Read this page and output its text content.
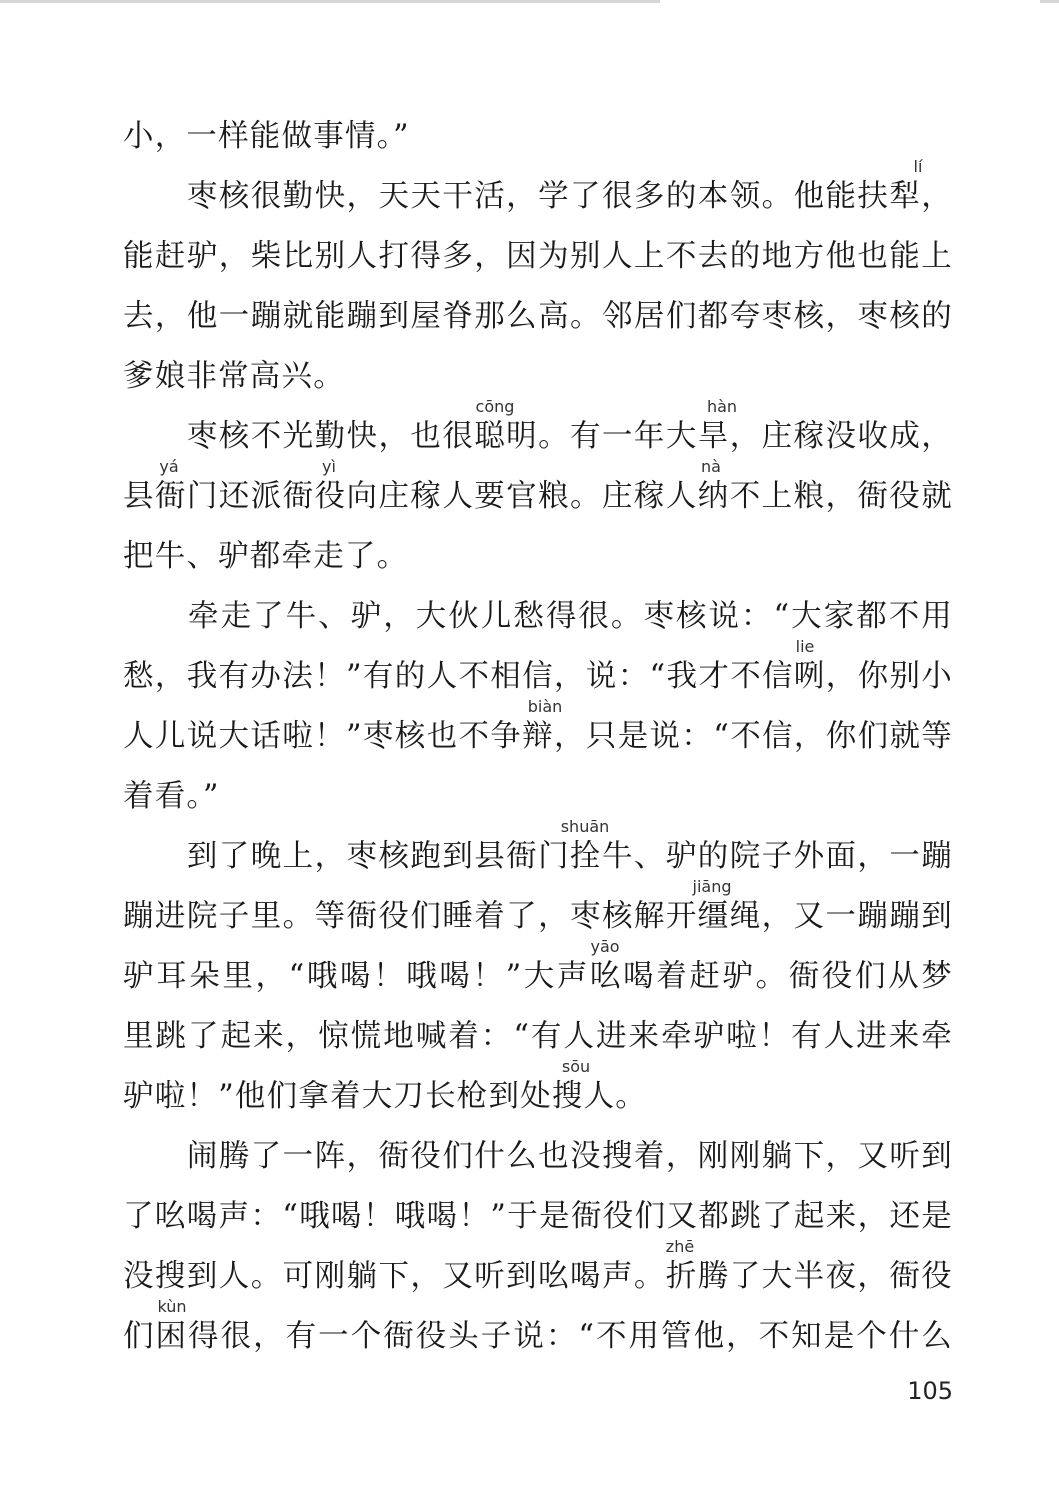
小，一样能做事情。”
　　枣核很勤快，天天干活，学了很多的本领。他能扶犁，
能赶驴，柴比别人打得多，因为别人上不去的地方他也能上
去，他一蹦就能蹦到屋脊那么高。邻居们都夸枣核，枣核的
爹娘非常高兴。
　　枣核不光勤快，也很聪明。有一年大旱，庄稼没收成，
县衙门还派衙役向庄稼人要官粮。庄稼人纳不上粮，衙役就
把牛、驴都牵走了。
　　牵走了牛、驴，大伙儿愁得很。枣核说：“大家都不用
愁，我有办法！”有的人不相信，说：“我才不信咧，你别小
人儿说大话啦！”枣核也不争辩，只是说：“不信，你们就等
着看。”
　　到了晚上，枣核跑到县衙门拴牛、驴的院子外面，一蹦
蹦进院子里。等衙役们睡着了，枣核解开缰绳，又一蹦蹦到
驴耳朵里，“哦喝！哦喝！”大声吆喝着赶驴。衙役们从梦
里跳了起来，惊慌地喊着：“有人进来牵驴啦！有人进来牵
驴啦！”他们拿着大刀长枪到处搜人。
　　闹腾了一阵，衙役们什么也没搜着，刚刚躺下，又听到
了吆喝声：“哦喝！哦喝！”于是衙役们又都跳了起来，还是
没搜到人。可刚躺下，又听到吆喝声。折腾了大半夜，衙役
们困得很，有一个衙役头子说：“不用管他，不知是个什么
lí
cōng	hàn
yá	yì	nà
lie
biàn
shuān
jiāng
yāo
sōu
zhē
kùn
105
